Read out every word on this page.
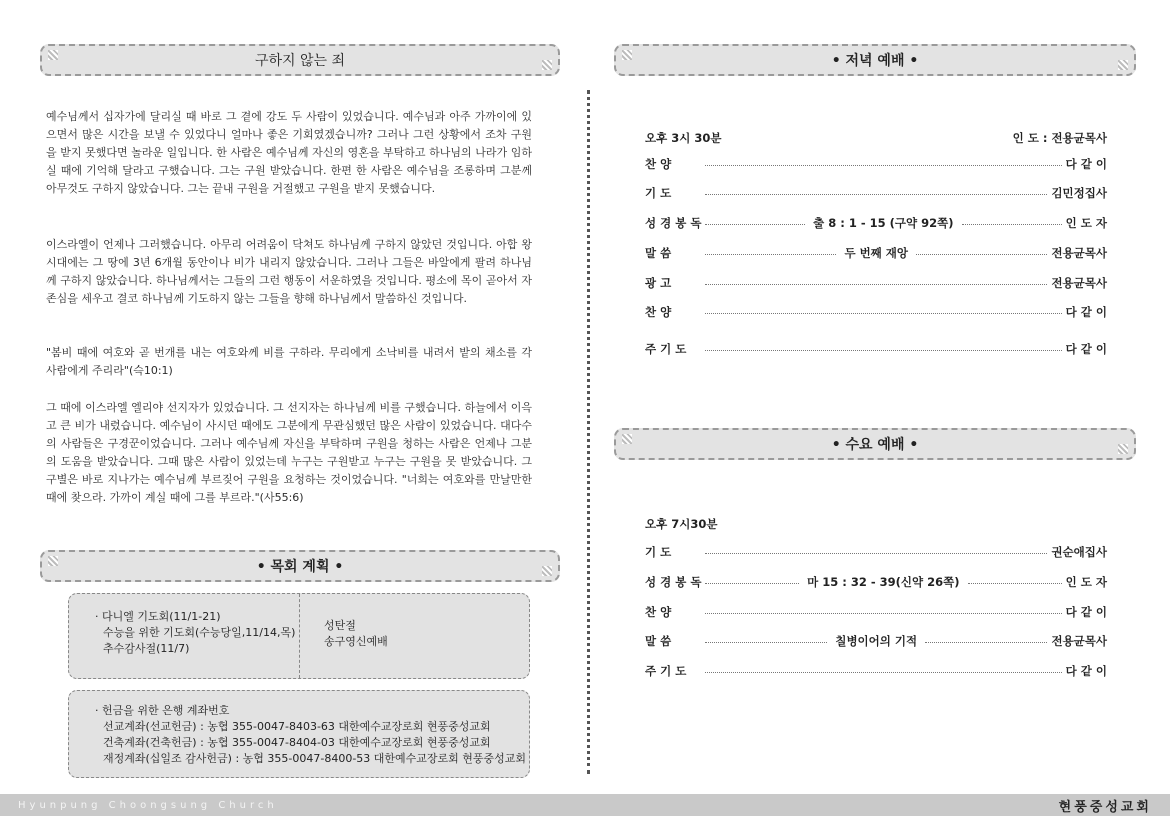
구하지 않는 죄

예수님께서 십자가에 달리실 때 바로 그 곁에 강도 두 사람이 있었습니다. 예수님과 아주 가까이에 있으면서 많은 시간을 보낼 수 있었다니 얼마나 좋은 기회였겠습니까? 그러나 그런 상황에서 조차 구원을 받지 못했다면 놀라운 일입니다. 한 사람은 예수님께 자신의 영혼을 부탁하고 하나님의 나라가 임하실 때에 기억해 달라고 구했습니다. 그는 구원 받았습니다. 한편 한 사람은 예수님을 조롱하며 그분께 아무것도 구하지 않았습니다. 그는 끝내 구원을 거절했고 구원을 받지 못했습니다.

이스라엘이 언제나 그러했습니다. 아무리 어려움이 닥쳐도 하나님께 구하지 않았던 것입니다. 아합 왕 시대에는 그 땅에 3년 6개월 동안이나 비가 내리지 않았습니다. 그러나 그들은 바알에게 팔려 하나님께 구하지 않았습니다. 하나님께서는 그들의 그런 행동이 서운하였을 것입니다. 평소에 목이 곧아서 자존심을 세우고 결코 하나님께 기도하지 않는 그들을 향해 하나님께서 말씀하신 것입니다.

"봄비 때에 여호와 곧 번개를 내는 여호와께 비를 구하라. 무리에게 소낙비를 내려서 밭의 채소를 각 사람에게 주리라"(슥10:1)

그 때에 이스라엘 엘리야 선지자가 있었습니다. 그 선지자는 하나님께 비를 구했습니다. 하늘에서 이윽고 큰 비가 내렸습니다. 예수님이 사시던 때에도 그분에게 무관심했던 많은 사람이 있었습니다. 대다수의 사람들은 구경꾼이었습니다. 그러나 예수님께 자신을 부탁하며 구원을 청하는 사람은 언제나 그분의 도움을 받았습니다. 그때 많은 사람이 있었는데 누구는 구원받고 누구는 구원을 못 받았습니다. 그 구별은 바로 지나가는 예수님께 부르짖어 구원을 요청하는 것이었습니다. "너희는 여호와를 만날만한 때에 찾으라. 가까이 계실 때에 그를 부르라."(사55:6)

• 목회 계획 •
· 다니엘 기도회(11/1-21)
수능을 위한 기도회(수능당일,11/14,목)
추수감사절(11/7)
성탄절
송구영신예배
· 헌금을 위한 은행 계좌번호
선교계좌(선교헌금) : 농협 355-0047-8403-63 대한예수교장로회 현풍중성교회
건축계좌(건축헌금) : 농협 355-0047-8404-03 대한예수교장로회 현풍중성교회
재정계좌(십일조 감사헌금) : 농협 355-0047-8400-53 대한예수교장로회 현풍중성교회
• 저녁 예배 •
오후 3시 30분	인 도 : 전용균목사
찬 양	다 같 이
기 도	김민정집사
성 경 봉 독	출 8 : 1 - 15 (구약 92쪽)	인 도 자
말 씀	두 번째 재앙	전용균목사
광 고	전용균목사
찬 양	다 같 이
주 기 도	다 같 이
• 수요 예배 •
오후 7시30분
기 도	권순애집사
성 경 봉 독	마 15 : 32 - 39(신약 26쪽)	인 도 자
찬 양	다 같 이
말 씀	칠병이어의 기적	전용균목사
주 기 도	다 같 이
Hyunpung Choongsung Church	현풍중성교회
